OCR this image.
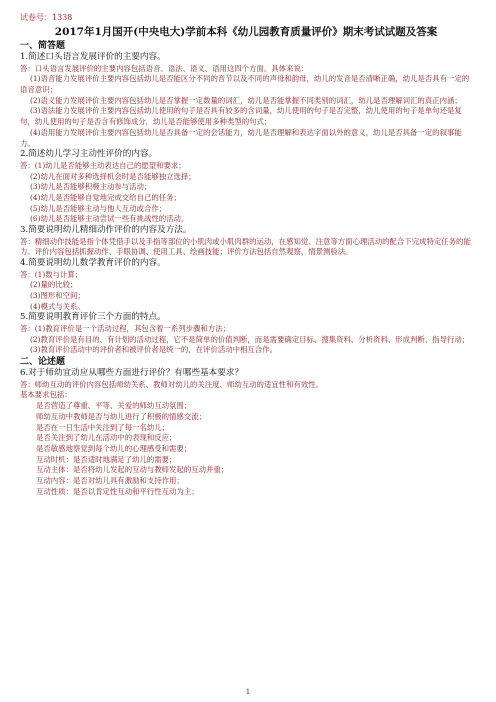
试卷号：1338
2017年1月国开(中央电大)学前本科《幼儿园教育质量评价》期末考试试题及答案
一、简答题
1.简述口头语言发展评价的主要内容。
答：口头语言发展评价的主要内容包括语音、语法、语义、语用这四个方面。具体来说：
(1)语音能力发展评价主要内容包括幼儿是否能区分不同的音节以及不同的声母和韵母，幼儿的发音是否清晰正确，幼儿是否具有一定的语音意识；
(2)语义能力发展评价主要内容包括幼儿是否掌握一定数量的词汇，幼儿是否能掌握不同类别的词汇，幼儿是否理解词汇的真正内涵；
(3)语法能力发展评价主要内容包括幼儿使用的句子是否具有较多的含词量，幼儿使用的句子是否完整，幼儿使用的句子是单句还是复句，幼儿使用的句子是否含有修饰成分，幼儿是否能够使用多种类型的句式；
(4)语用能力发展评价主要内容包括幼儿是否具备一定的会话能力，幼儿是否理解和表达字面以外的意义，幼儿是否具备一定的叙事能力。
2.简述幼儿学习主动性评价的内容。
答：(1)幼儿是否能够主动表达自己的愿望和要求；
(2)幼儿在面对多种选择机会时是否能够独立选择；
(3)幼儿是否能够积极主动参与活动；
(4)幼儿是否能够自觉地完成交给自己的任务；
(5)幼儿是否能够主动与他人互动或合作；
(6)幼儿是否能够主动尝试一些有挑战性的活动。
3.简要说明幼儿精细动作评价的内容及方法。
答：精细动作技能是指个体凭借手以及手指等部位的小肌肉或小肌肉群的运动，在感知觉、注意等方面心理活动的配合下完成特定任务的能力。评价内容包括抓握动作、手眼协调、使用工具、绘画技能；评价方法包括自然观察，情景测验法。
4.简要说明幼儿数学教育评价的内容。
答：(1)数与计算；
(2)量的比较；
(3)图形和空间；
(4)模式与关系。
5.简要说明教育评价三个方面的特点。
答：(1)教育评价是一个活动过程，其包含着一系列步骤和方法；
(2)教育评价是有目的、有计划的活动过程，它不是简单的价值判断，而是需要确定目标、搜集资料、分析资料、形成判断、指导行动；
(3)教育评价活动中的评价者和被评价者是统一的，在评价活动中相互合作。
二、论述题
6.对于师幼宜动应从哪些方面进行评价？有哪些基本要求？
答：师幼互动的评价内容包括师幼关系、教师对幼儿的关注度、师幼互动的适宜性和有效性。
基本要求包括：
是否营造了尊重、平等、关爱的师幼互动氛围；
师幼互动中教师是否与幼儿进行了积极的情感交流；
是否在一日生活中关注到了每一名幼儿；
是否关注到了幼儿在活动中的表现和反应；
是否敏感地察觉到每个幼儿的心理感受和需要；
互动时机：是否适时地满足了幼儿的需要；
互动主体：是否将幼儿发起的互动与教师发起的互动并重；
互动内容：是否对幼儿具有激励和支持作用；
互动性质：是否以肯定性互动和平行性互动为主；
1
